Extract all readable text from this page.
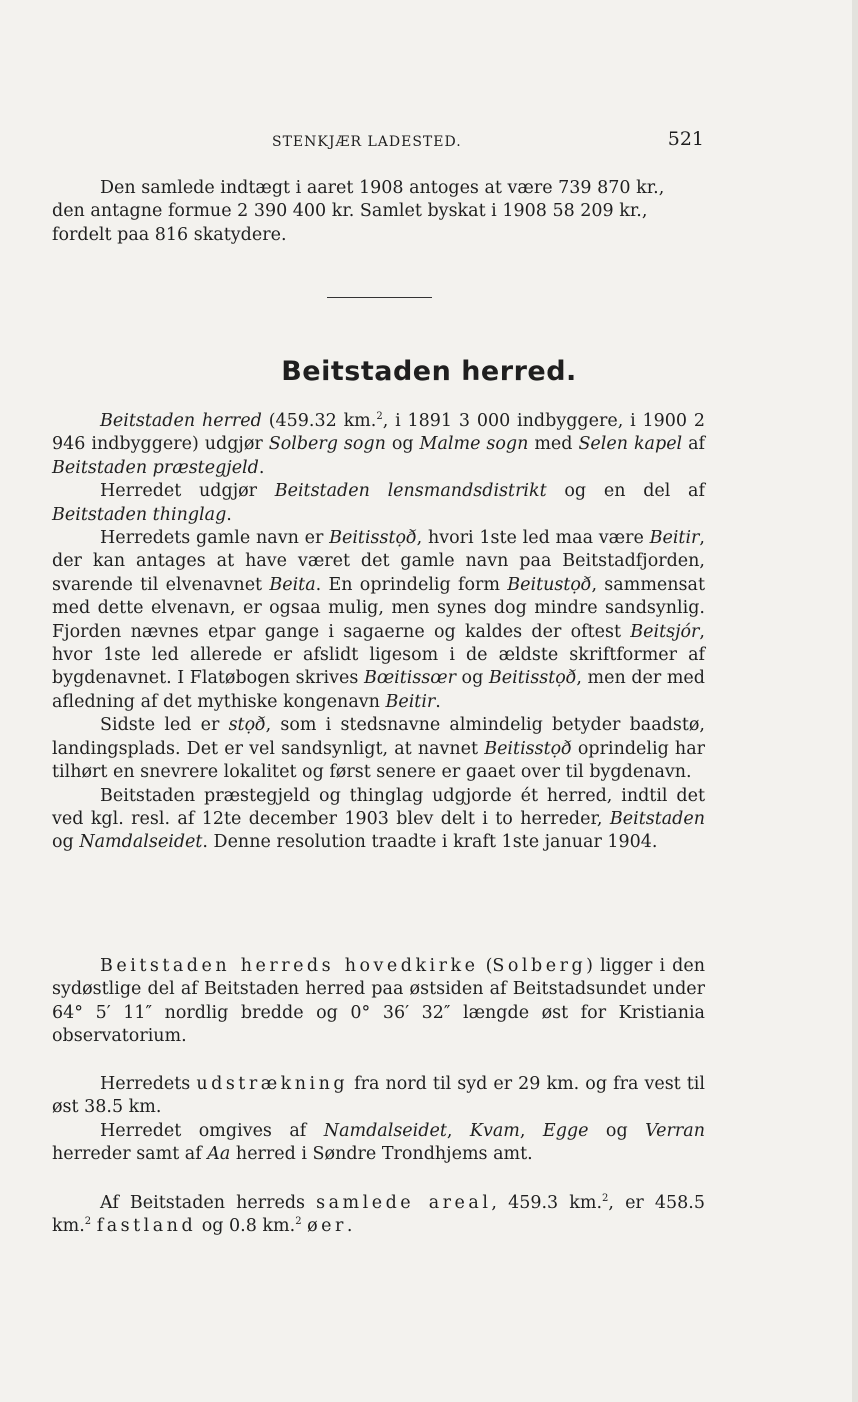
STENKJÆR LADESTED.	521

Den samlede indtægt i aaret 1908 antoges at være 739 870 kr.,

den antagne formue 2 390 400 kr. Samlet byskat i 1908 58 209 kr.,

fordelt paa 816 skatydere.

Beitstaden herred.

Beitstaden herred (459.32 km.$^2$, i 1891 3 000 indbyggere, i 1900 2 946 indbyggere) udgjør Solberg sogn og Malme sogn med Selen kapel af Beitstaden præstegjeld.

Herredet udgjør Beitstaden lensmandsdistrikt og en del af Beitstaden thinglag.

Herredets gamle navn er Beitisstọð, hvori 1ste led maa være Beitir, der kan antages at have været det gamle navn paa Beitstadfjorden, svarende til elvenavnet Beita. En oprindelig form Beitustọð, sammensat med dette elvenavn, er ogsaa mulig, men synes dog mindre sandsynlig. Fjorden nævnes etpar gange i sagaerne og kaldes der oftest Beitsjór, hvor 1ste led allerede er afslidt ligesom i de ældste skriftformer af bygdenavnet. I Flatøbogen skrives Bœitissœr og Beitisstọð, men der med afledning af det mythiske kongenavn Beitir.

Sidste led er stọð, som i stedsnavne almindelig betyder baadstø, landingsplads. Det er vel sandsynligt, at navnet Beitisstọð oprindelig har tilhørt en snevrere lokalitet og først senere er gaaet over til bygdenavn.

Beitstaden præstegjeld og thinglag udgjorde ét herred, indtil det ved kgl. resl. af 12te december 1903 blev delt i to herreder, Beitstaden og Namdalseidet. Denne resolution traadte i kraft 1ste januar 1904.

Beitstaden herreds hovedkirke (Solberg) ligger i den sydøstlige del af Beitstaden herred paa østsiden af Beitstadsundet under 64° 5′ 11″ nordlig bredde og 0° 36′ 32″ længde øst for Kristiania observatorium.

Herredets udstrækning fra nord til syd er 29 km. og fra vest til øst 38.5 km.

Herredet omgives af Namdalseidet, Kvam, Egge og Verran herreder samt af Aa herred i Søndre Trondhjems amt.

Af Beitstaden herreds samlede areal, 459.3 km.$^2$, er 458.5 km.$^2$ fastland og 0.8 km.$^2$ øer.
